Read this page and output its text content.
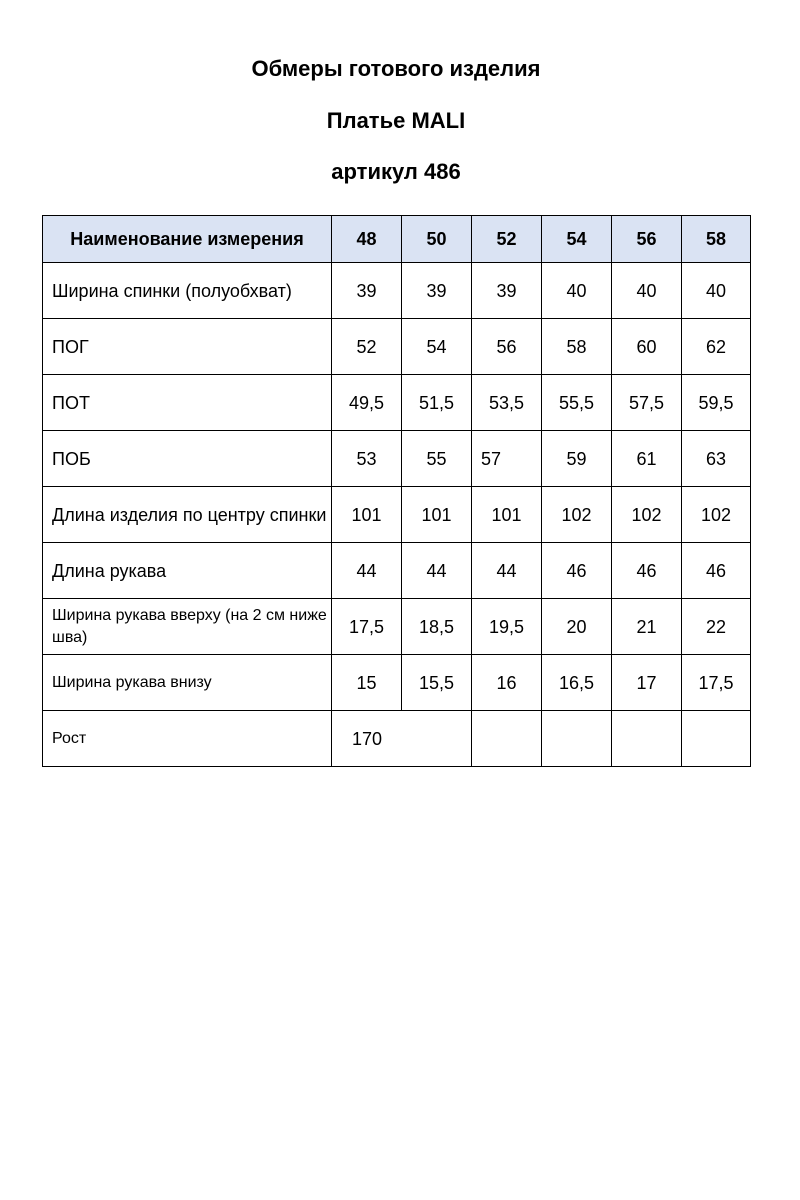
Обмеры готового изделия
Платье MALI
артикул 486
Наименование измерения	48	50	52	54	56	58
Ширина спинки (полуобхват)	39	39	39	40	40	40
ПОГ	52	54	56	58	60	62
ПОТ	49,5	51,5	53,5	55,5	57,5	59,5
ПОБ	53	55	57	59	61	63
Длина изделия по центру спинки	101	101	101	102	102	102
Длина рукава	44	44	44	46	46	46
Ширина рукава вверху (на 2 см ниже шва)	17,5	18,5	19,5	20	21	22
Ширина рукава внизу	15	15,5	16	16,5	17	17,5
Рост	170					
